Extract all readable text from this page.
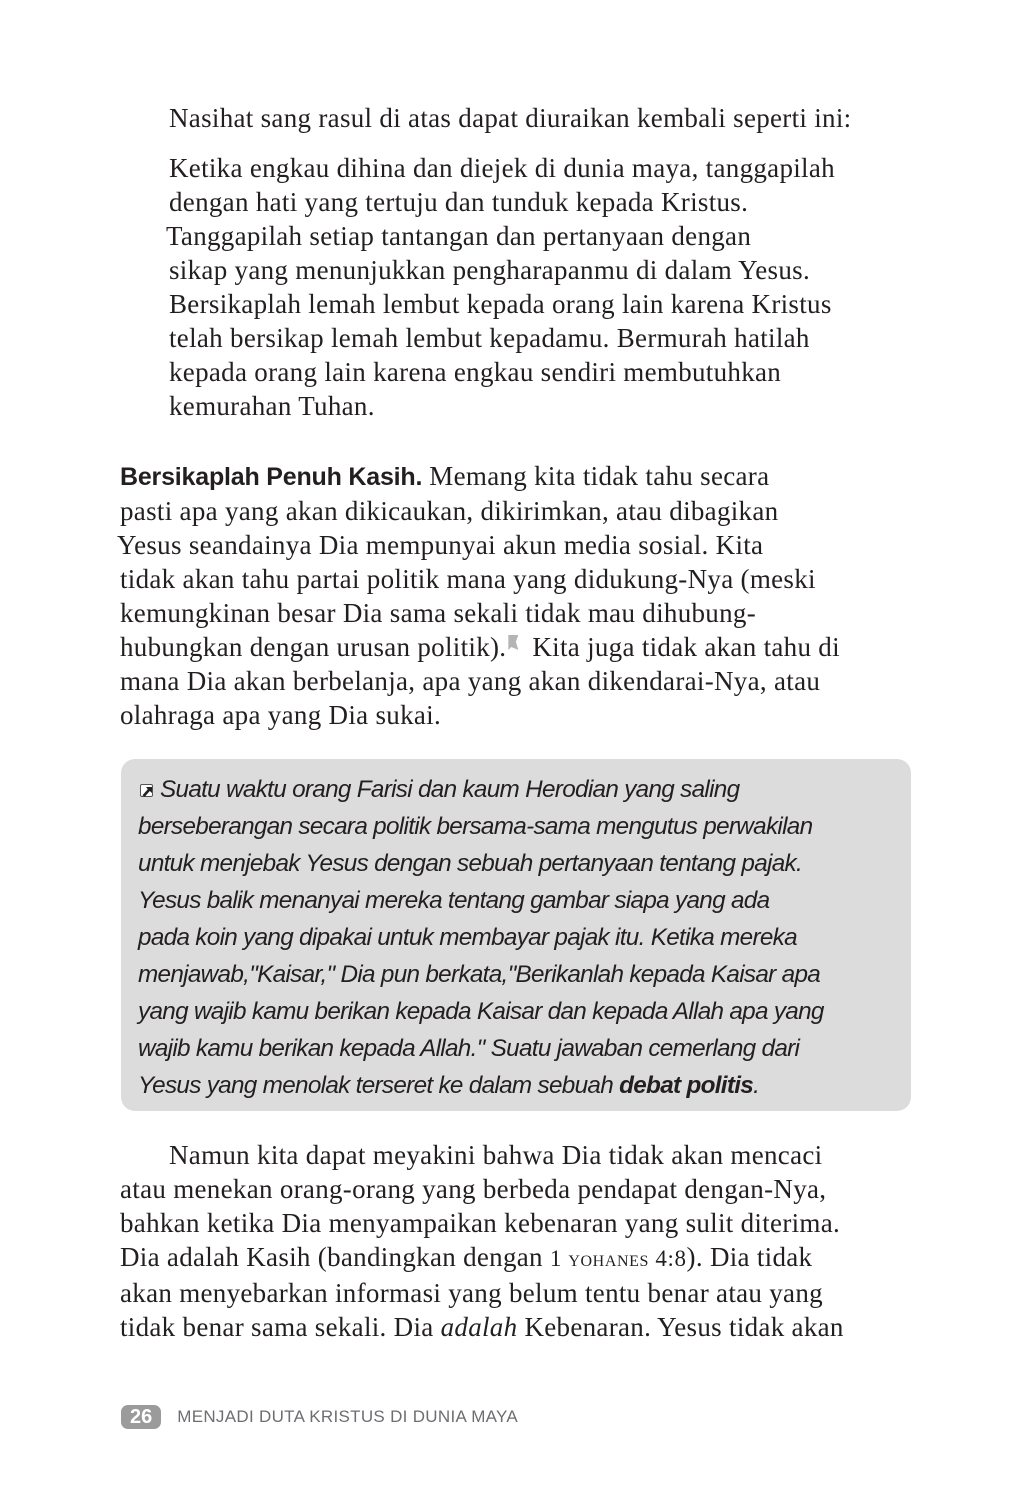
Nasihat sang rasul di atas dapat diuraikan kembali seperti ini:
Ketika engkau dihina dan diejek di dunia maya, tanggapilah
dengan hati yang tertuju dan tunduk kepada Kristus.
Tanggapilah setiap tantangan dan pertanyaan dengan
sikap yang menunjukkan pengharapanmu di dalam Yesus.
Bersikaplah lemah lembut kepada orang lain karena Kristus
telah bersikap lemah lembut kepadamu. Bermurah hatilah
kepada orang lain karena engkau sendiri membutuhkan
kemurahan Tuhan.
Bersikaplah Penuh Kasih. Memang kita tidak tahu secara
pasti apa yang akan dikicaukan, dikirimkan, atau dibagikan
Yesus seandainya Dia mempunyai akun media sosial. Kita
tidak akan tahu partai politik mana yang didukung-Nya (meski
kemungkinan besar Dia sama sekali tidak mau dihubung-
hubungkan dengan urusan politik). Kita juga tidak akan tahu di
mana Dia akan berbelanja, apa yang akan dikendarai-Nya, atau
olahraga apa yang Dia sukai.
Suatu waktu orang Farisi dan kaum Herodian yang saling
berseberangan secara politik bersama-sama mengutus perwakilan
untuk menjebak Yesus dengan sebuah pertanyaan tentang pajak.
Yesus balik menanyai mereka tentang gambar siapa yang ada
pada koin yang dipakai untuk membayar pajak itu. Ketika mereka
menjawab,"Kaisar," Dia pun berkata,"Berikanlah kepada Kaisar apa
yang wajib kamu berikan kepada Kaisar dan kepada Allah apa yang
wajib kamu berikan kepada Allah." Suatu jawaban cemerlang dari
Yesus yang menolak terseret ke dalam sebuah debat politis.
Namun kita dapat meyakini bahwa Dia tidak akan mencaci
atau menekan orang-orang yang berbeda pendapat dengan-Nya,
bahkan ketika Dia menyampaikan kebenaran yang sulit diterima.
Dia adalah Kasih (bandingkan dengan 1 yohanes 4:8). Dia tidak
akan menyebarkan informasi yang belum tentu benar atau yang
tidak benar sama sekali. Dia adalah Kebenaran. Yesus tidak akan
26	MENJADI DUTA KRISTUS DI DUNIA MAYA
